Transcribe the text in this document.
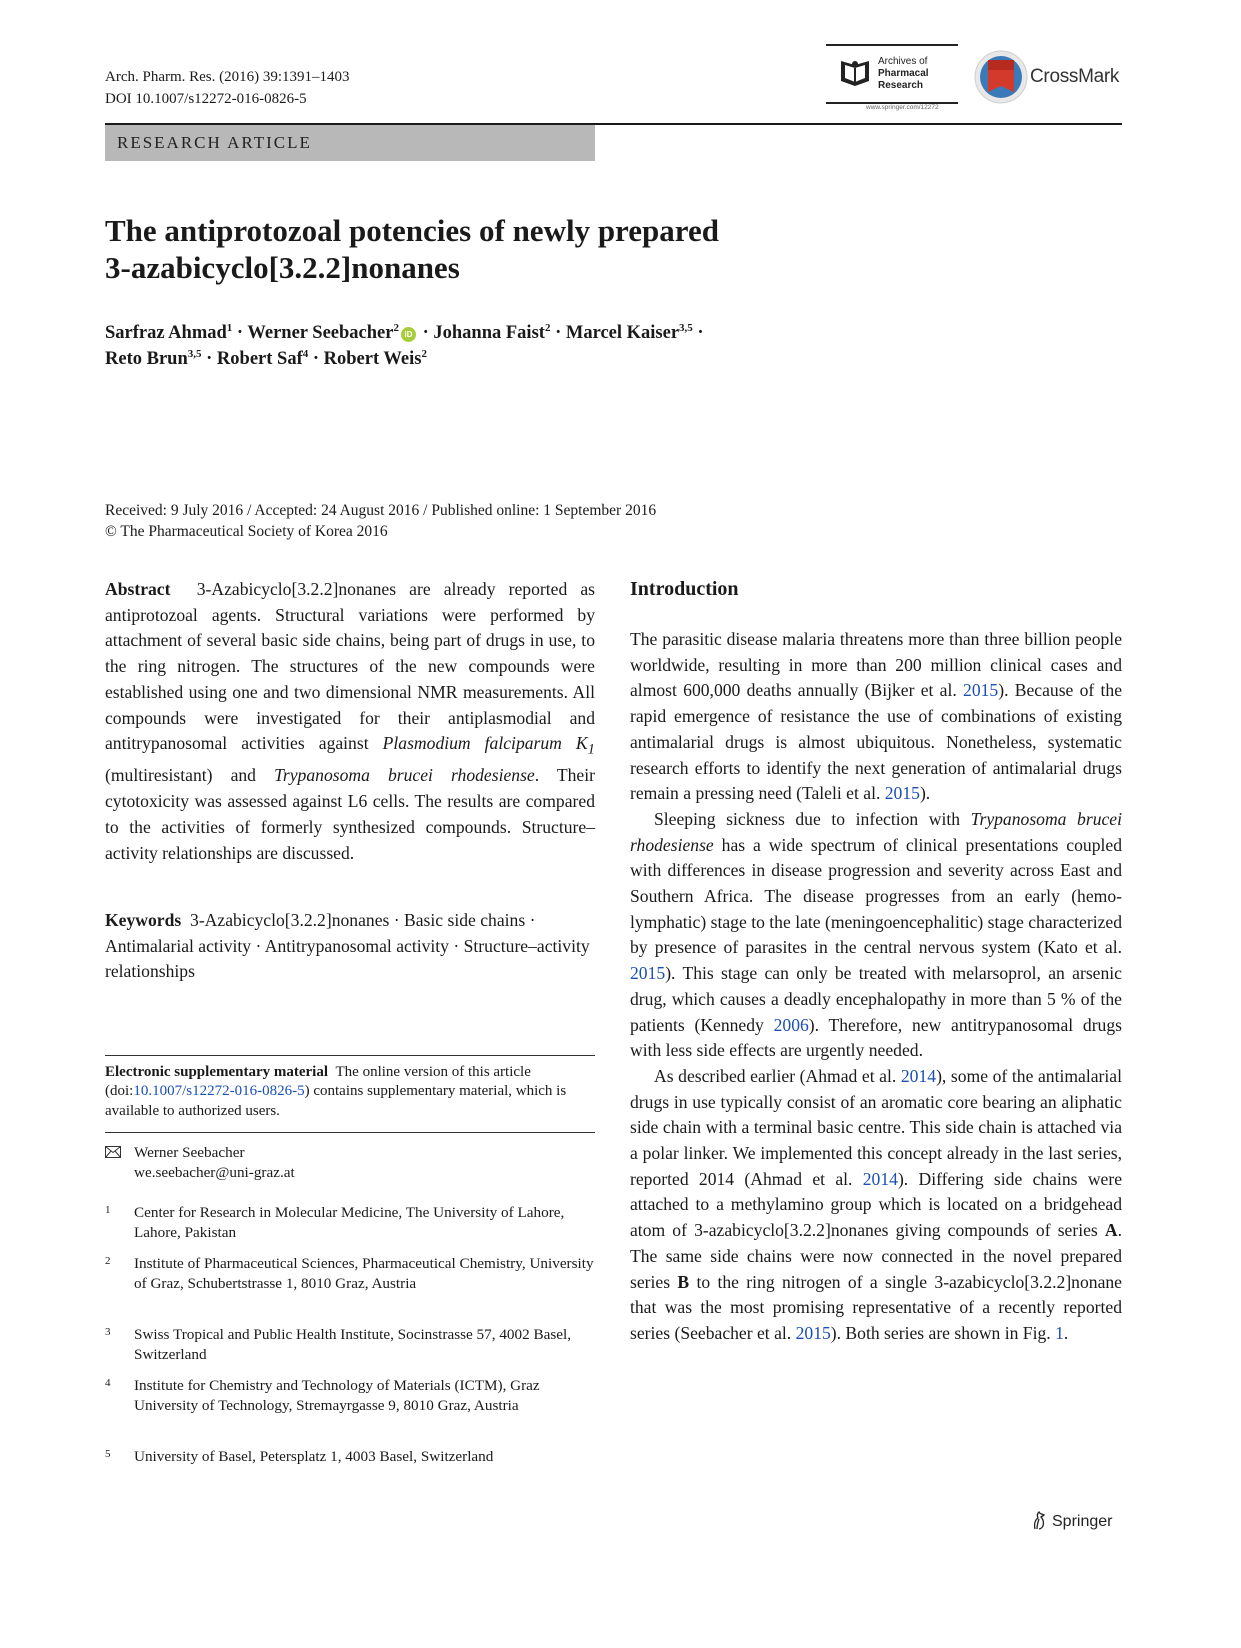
Arch. Pharm. Res. (2016) 39:1391–1403
DOI 10.1007/s12272-016-0826-5
Archives of
Pharmacal
Research
www.springer.com/12272
CrossMark
RESEARCH ARTICLE
The antiprotozoal potencies of newly prepared
3-azabicyclo[3.2.2]nonanes
Sarfraz Ahmad$^1$ · Werner Seebacher$^2$iD · Johanna Faist$^2$ · Marcel Kaiser$^{3,5}$ ·
Reto Brun$^{3,5}$ · Robert Saf$^4$ · Robert Weis$^2$
Received: 9 July 2016 / Accepted: 24 August 2016 / Published online: 1 September 2016
© The Pharmaceutical Society of Korea 2016

Abstract 3-Azabicyclo[3.2.2]nonanes are already reported as antiprotozoal agents. Structural variations were performed by attachment of several basic side chains, being part of drugs in use, to the ring nitrogen. The structures of the new compounds were established using one and two dimensional NMR measurements. All compounds were investigated for their antiplasmodial and antitrypanosomal activities against Plasmodium falciparum $K_1$ (multiresistant) and Trypanosoma brucei rhodesiense. Their cytotoxicity was assessed against L6 cells. The results are compared to the activities of formerly synthesized compounds. Structure–activity relationships are discussed.

Keywords 3-Azabicyclo[3.2.2]nonanes · Basic side chains · Antimalarial activity · Antitrypanosomal activity · Structure–activity relationships

Electronic supplementary material The online version of this article (doi:10.1007/s12272-016-0826-5) contains supplementary material, which is available to authorized users.

Werner Seebacher
we.seebacher@uni-graz.at
1 Center for Research in Molecular Medicine, The University of Lahore, Lahore, Pakistan
2 Institute of Pharmaceutical Sciences, Pharmaceutical Chemistry, University of Graz, Schubertstrasse 1, 8010 Graz, Austria
3 Swiss Tropical and Public Health Institute, Socinstrasse 57, 4002 Basel, Switzerland
4 Institute for Chemistry and Technology of Materials (ICTM), Graz University of Technology, Stremayrgasse 9, 8010 Graz, Austria
5 University of Basel, Petersplatz 1, 4003 Basel, Switzerland
Introduction

The parasitic disease malaria threatens more than three billion people worldwide, resulting in more than 200 million clinical cases and almost 600,000 deaths annually (Bijker et al. 2015). Because of the rapid emergence of resistance the use of combinations of existing antimalarial drugs is almost ubiquitous. Nonetheless, systematic research efforts to identify the next generation of antimalarial drugs remain a pressing need (Taleli et al. 2015).

Sleeping sickness due to infection with Trypanosoma brucei rhodesiense has a wide spectrum of clinical presentations coupled with differences in disease progression and severity across East and Southern Africa. The disease progresses from an early (hemo-lymphatic) stage to the late (meningoencephalitic) stage characterized by presence of parasites in the central nervous system (Kato et al. 2015). This stage can only be treated with melarsoprol, an arsenic drug, which causes a deadly encephalopathy in more than 5 % of the patients (Kennedy 2006). Therefore, new antitrypanosomal drugs with less side effects are urgently needed.

As described earlier (Ahmad et al. 2014), some of the antimalarial drugs in use typically consist of an aromatic core bearing an aliphatic side chain with a terminal basic centre. This side chain is attached via a polar linker. We implemented this concept already in the last series, reported 2014 (Ahmad et al. 2014). Differing side chains were attached to a methylamino group which is located on a bridgehead atom of 3-azabicyclo[3.2.2]nonanes giving compounds of series A. The same side chains were now connected in the novel prepared series B to the ring nitrogen of a single 3-azabicyclo[3.2.2]nonane that was the most promising representative of a recently reported series (Seebacher et al. 2015). Both series are shown in Fig. 1.

Springer
